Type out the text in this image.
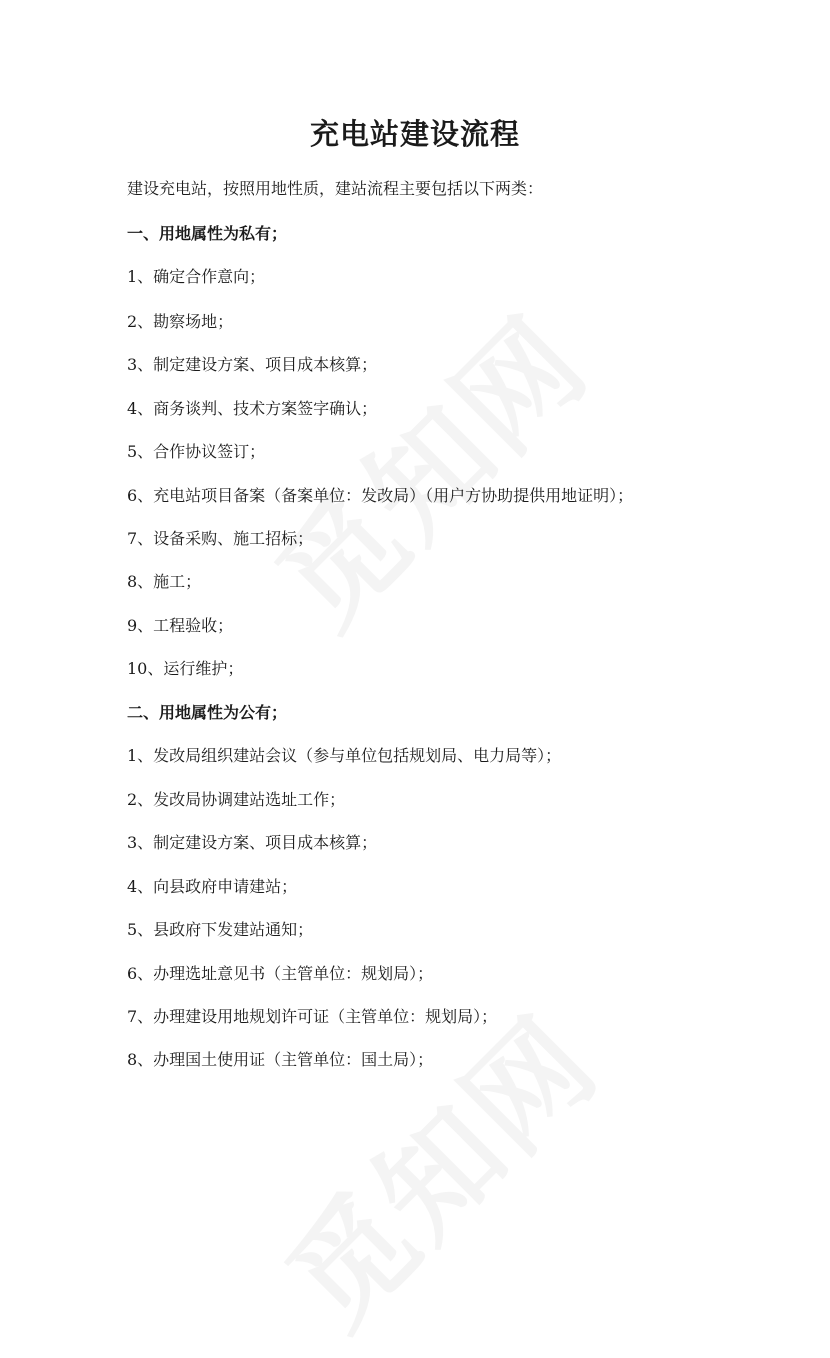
充电站建设流程

建设充电站，按照用地性质，建站流程主要包括以下两类：

一、用地属性为私有；

1、确定合作意向；

2、勘察场地；

3、制定建设方案、项目成本核算；

4、商务谈判、技术方案签字确认；

5、合作协议签订；

6、充电站项目备案（备案单位：发改局）（用户方协助提供用地证明）；

7、设备采购、施工招标；

8、施工；

9、工程验收；

10、运行维护；

二、用地属性为公有；

1、发改局组织建站会议（参与单位包括规划局、电力局等）；

2、发改局协调建站选址工作；

3、制定建设方案、项目成本核算；

4、向县政府申请建站；

5、县政府下发建站通知；

6、办理选址意见书（主管单位：规划局）；

7、办理建设用地规划许可证（主管单位：规划局）；

8、办理国土使用证（主管单位：国土局）；
